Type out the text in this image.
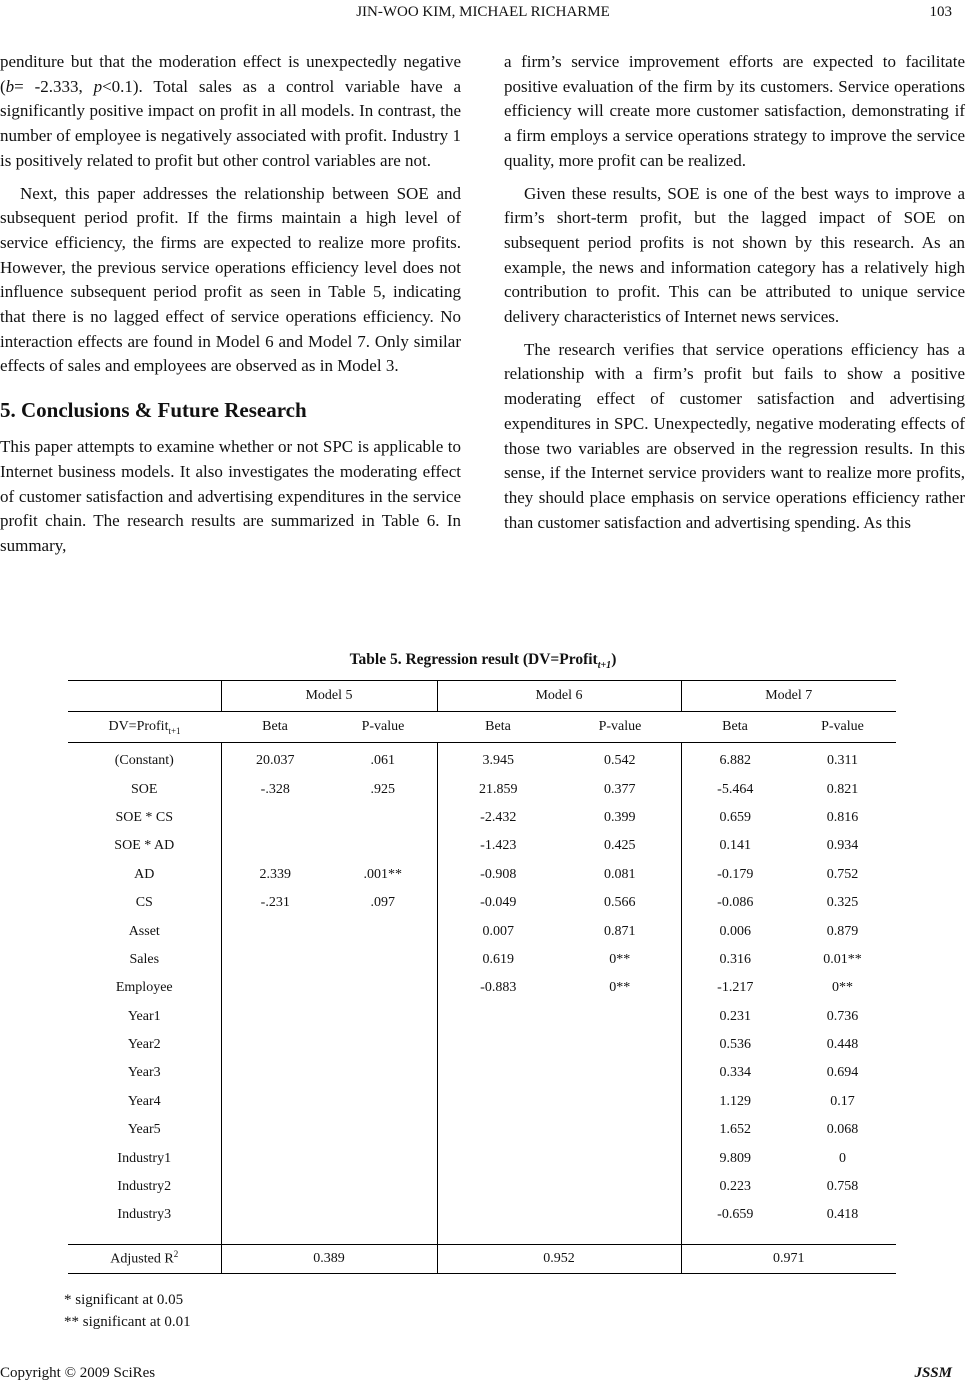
JIN-WOO KIM, MICHAEL RICHARME	103

penditure but that the moderation effect is unexpectedly negative (b= -2.333, p<0.1). Total sales as a control variable have a significantly positive impact on profit in all models. In contrast, the number of employee is negatively associated with profit. Industry 1 is positively related to profit but other control variables are not.

Next, this paper addresses the relationship between SOE and subsequent period profit. If the firms maintain a high level of service efficiency, the firms are expected to realize more profits. However, the previous service operations efficiency level does not influence subsequent period profit as seen in Table 5, indicating that there is no lagged effect of service operations efficiency. No interaction effects are found in Model 6 and Model 7. Only similar effects of sales and employees are observed as in Model 3.

5. Conclusions & Future Research

This paper attempts to examine whether or not SPC is applicable to Internet business models. It also investigates the moderating effect of customer satisfaction and advertising expenditures in the service profit chain. The research results are summarized in Table 6. In summary,

a firm’s service improvement efforts are expected to facilitate positive evaluation of the firm by its customers. Service operations efficiency will create more customer satisfaction, demonstrating if a firm employs a service operations strategy to improve the service quality, more profit can be realized.

Given these results, SOE is one of the best ways to improve a firm’s short-term profit, but the lagged impact of SOE on subsequent period profits is not shown by this research. As an example, the news and information category has a relatively high contribution to profit. This can be attributed to unique service delivery characteristics of Internet news services.

The research verifies that service operations efficiency has a relationship with a firm’s profit but fails to show a positive moderating effect of customer satisfaction and advertising expenditures in SPC. Unexpectedly, negative moderating effects of those two variables are observed in the regression results. In this sense, if the Internet service providers want to realize more profits, they should place emphasis on service operations efficiency rather than customer satisfaction and advertising spending. As this

Table 5. Regression result (DV=Profit$_{t+1}$)
	Model 5		Model 6		Model 7	
DV=Profit$_{t+1}$	Beta	P-value	Beta	P-value	Beta	P-value
(Constant)	20.037	.061	3.945	0.542	6.882	0.311
SOE	-.328	.925	21.859	0.377	-5.464	0.821
SOE * CS			-2.432	0.399	0.659	0.816
SOE * AD			-1.423	0.425	0.141	0.934
AD	2.339	.001**	-0.908	0.081	-0.179	0.752
CS	-.231	.097	-0.049	0.566	-0.086	0.325
Asset			0.007	0.871	0.006	0.879
Sales			0.619	0**	0.316	0.01**
Employee			-0.883	0**	-1.217	0**
Year1					0.231	0.736
Year2					0.536	0.448
Year3					0.334	0.694
Year4					1.129	0.17
Year5					1.652	0.068
Industry1					9.809	0
Industry2					0.223	0.758
Industry3					-0.659	0.418

Adjusted $R^2$	0.389		0.952		0.971	
* significant at 0.05
** significant at 0.01
Copyright © 2009 SciRes	JSSM
